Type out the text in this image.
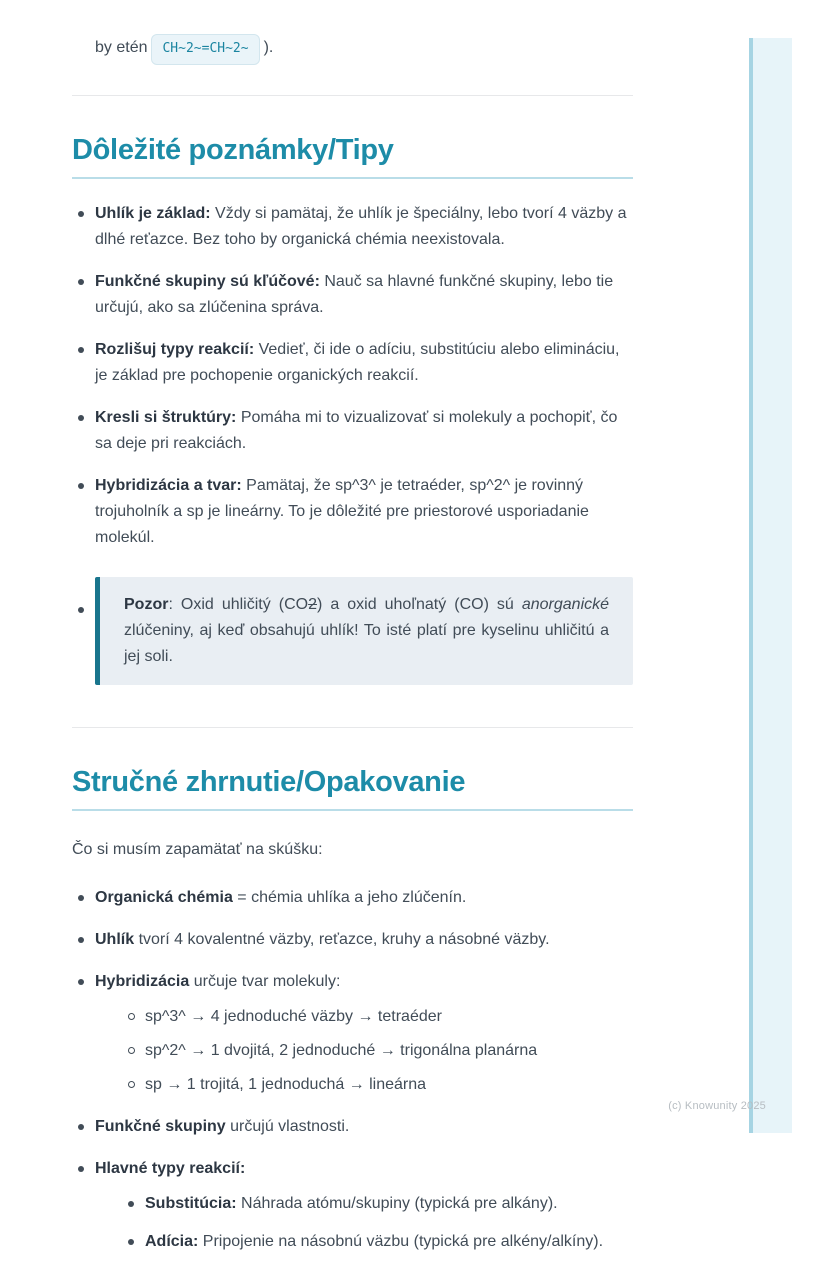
by etén CH~2~=CH~2~ ).

Dôležité poznámky/Tipy
Uhlík je základ: Vždy si pamätaj, že uhlík je špeciálny, lebo tvorí 4 väzby a dlhé reťazce. Bez toho by organická chémia neexistovala.
Funkčné skupiny sú kľúčové: Nauč sa hlavné funkčné skupiny, lebo tie určujú, ako sa zlúčenina správa.
Rozlišuj typy reakcií: Vedieť, či ide o adíciu, substitúciu alebo elimináciu, je základ pre pochopenie organických reakcií.
Kresli si štruktúry: Pomáha mi to vizualizovať si molekuly a pochopiť, čo sa deje pri reakciách.
Hybridizácia a tvar: Pamätaj, že sp^3^ je tetraéder, sp^2^ je rovinný trojuholník a sp je lineárny. To je dôležité pre priestorové usporiadanie molekúl.
Pozor: Oxid uhličitý (CO2) a oxid uhoľnatý (CO) sú anorganické zlúčeniny, aj keď obsahujú uhlík! To isté platí pre kyselinu uhličitú a jej soli.
Stručné zhrnutie/Opakovanie

Čo si musím zapamätať na skúšku:

Organická chémia = chémia uhlíka a jeho zlúčenín.
Uhlík tvorí 4 kovalentné väzby, reťazce, kruhy a násobné väzby.
Hybridizácia určuje tvar molekuly:
sp^3^ → 4 jednoduché väzby → tetraéder
sp^2^ → 1 dvojitá, 2 jednoduché → trigonálna planárna
sp → 1 trojitá, 1 jednoduchá → lineárna
Funkčné skupiny určujú vlastnosti.
Hlavné typy reakcií:
Substitúcia: Náhrada atómu/skupiny (typická pre alkány).
Adícia: Pripojenie na násobnú väzbu (typická pre alkény/alkíny).
(c) Knowunity 2025
